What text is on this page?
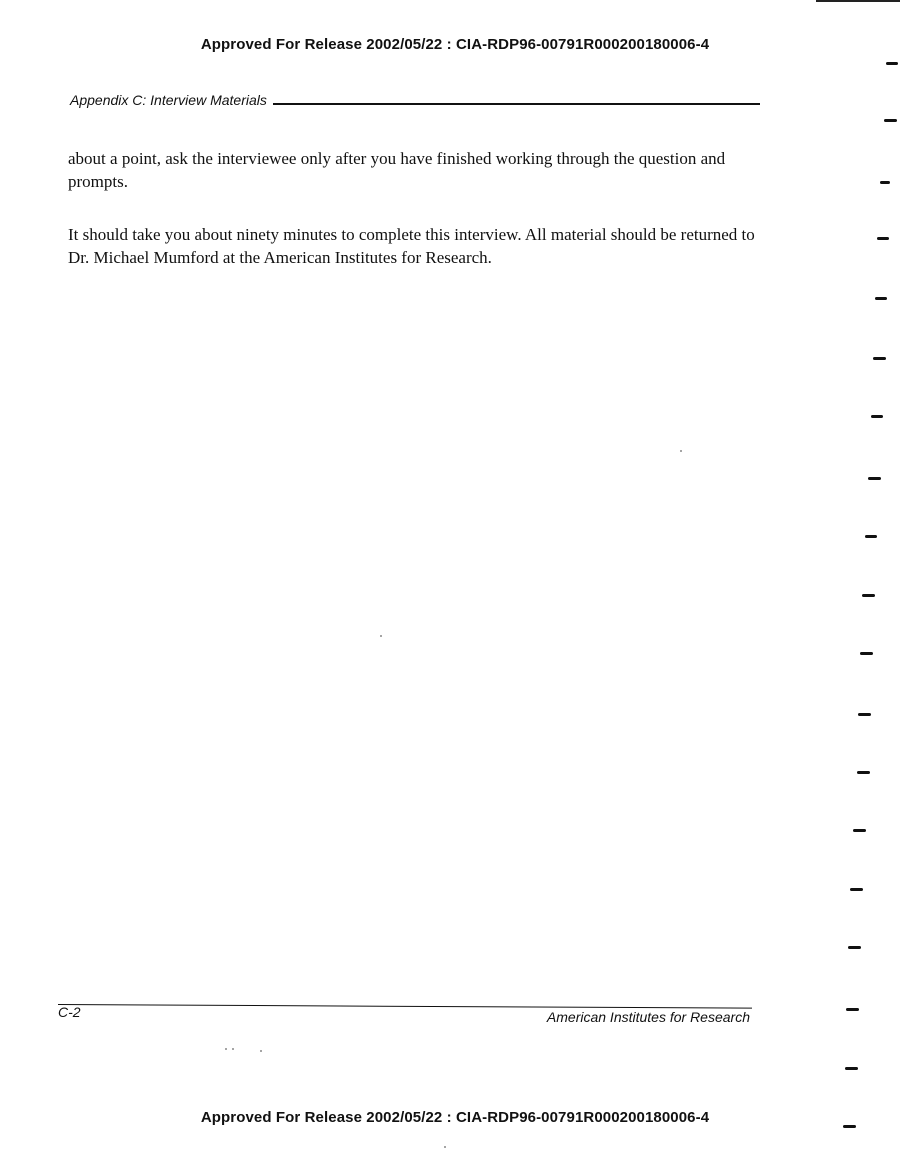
Approved For Release 2002/05/22 : CIA-RDP96-00791R000200180006-4
Appendix C: Interview Materials

about a point, ask the interviewee only after you have finished working through the question and prompts.

It should take you about ninety minutes to complete this interview. All material should be returned to Dr. Michael Mumford at the American Institutes for Research.

C-2	American Institutes for Research
Approved For Release 2002/05/22 : CIA-RDP96-00791R000200180006-4
